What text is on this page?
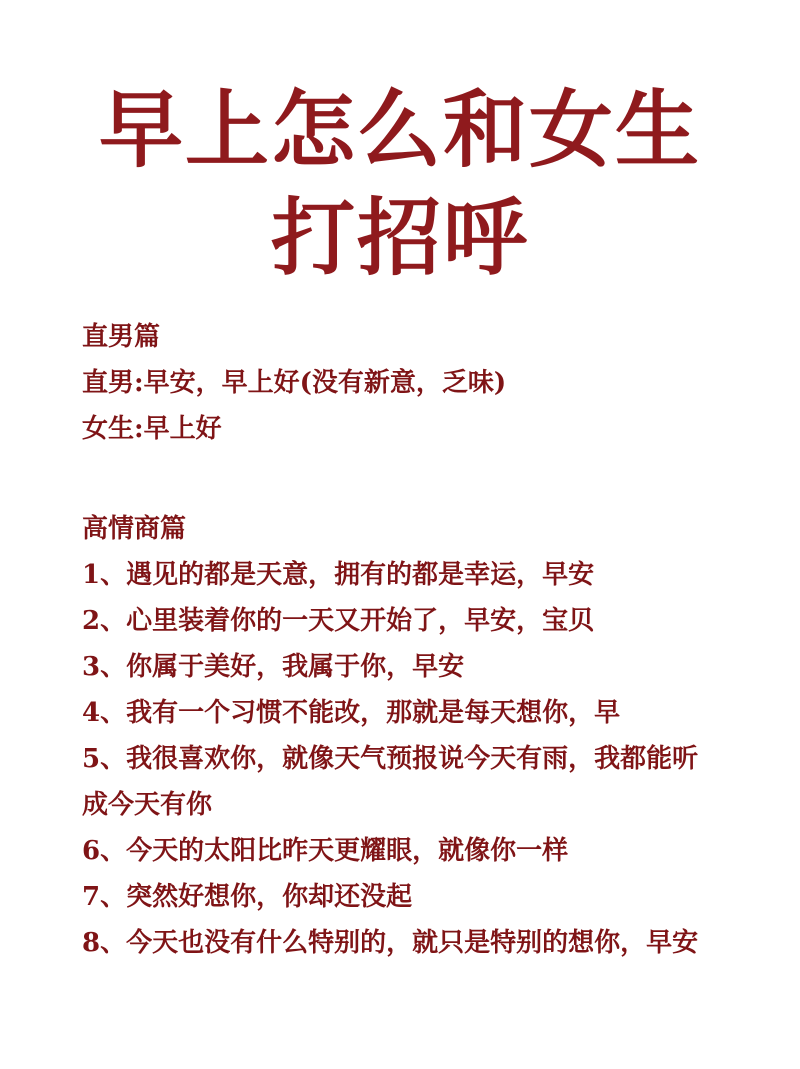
早上怎么和女生
打招呼
直男篇
直男:早安，早上好(没有新意，乏味)
女生:早上好
高情商篇
1、遇见的都是天意，拥有的都是幸运，早安
2、心里装着你的一天又开始了，早安，宝贝
3、你属于美好，我属于你，早安
4、我有一个习惯不能改，那就是每天想你，早
5、我很喜欢你，就像天气预报说今天有雨，我都能听成今天有你
6、今天的太阳比昨天更耀眼，就像你一样
7、突然好想你，你却还没起
8、今天也没有什么特别的，就只是特别的想你，早安
